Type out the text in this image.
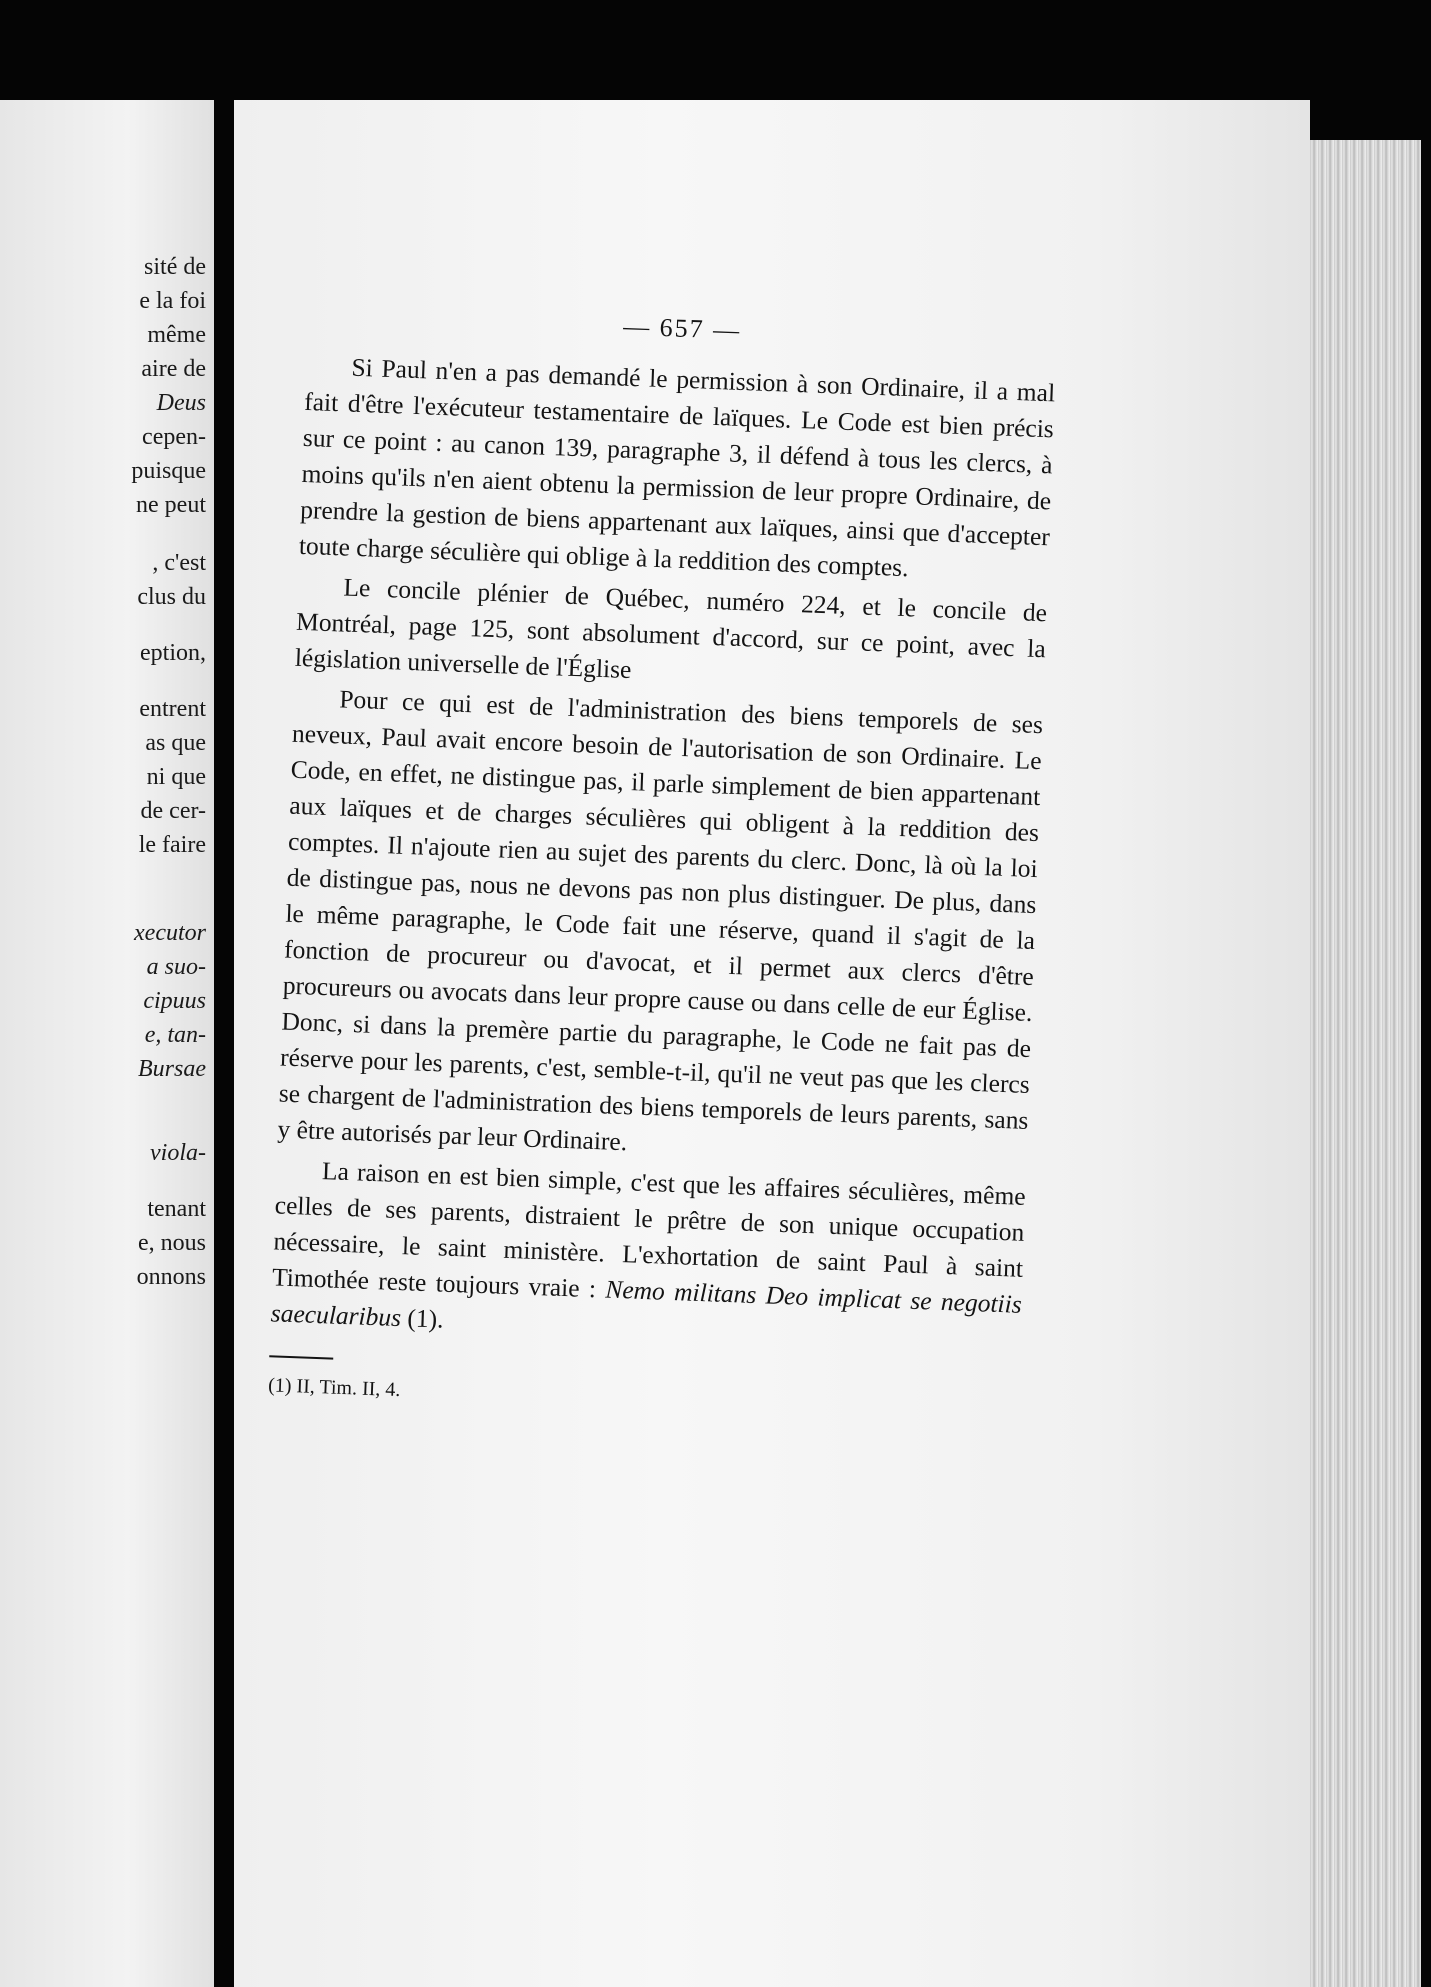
sité de
e la foi
même
aire de
Deus
cepen-
puisque
ne peut
, c'est
clus du
eption,
entrent
as que
ni que
de cer-
le faire
xecutor
a suo-
cipuus
e, tan-
Bursae
viola-
tenant
e, nous
onnons
— 657 —

Si Paul n'en a pas demandé le permission à son Ordinaire, il a mal fait d'être l'exécuteur testamentaire de laïques. Le Code est bien précis sur ce point : au canon 139, paragraphe 3, il défend à tous les clercs, à moins qu'ils n'en aient obtenu la permission de leur propre Ordinaire, de prendre la gestion de biens appartenant aux laïques, ainsi que d'accepter toute charge séculière qui oblige à la reddition des comptes.

Le concile plénier de Québec, numéro 224, et le concile de Montréal, page 125, sont absolument d'accord, sur ce point, avec la législation universelle de l'Église

Pour ce qui est de l'administration des biens temporels de ses neveux, Paul avait encore besoin de l'autorisation de son Ordinaire. Le Code, en effet, ne distingue pas, il parle simplement de bien appartenant aux laïques et de charges séculières qui obligent à la reddition des comptes. Il n'ajoute rien au sujet des parents du clerc. Donc, là où la loi de distingue pas, nous ne devons pas non plus distinguer. De plus, dans le même paragraphe, le Code fait une réserve, quand il s'agit de la fonction de procureur ou d'avocat, et il permet aux clercs d'être procureurs ou avocats dans leur propre cause ou dans celle de eur Église. Donc, si dans la premère partie du paragraphe, le Code ne fait pas de réserve pour les parents, c'est, semble-t-il, qu'il ne veut pas que les clercs se chargent de l'administration des biens temporels de leurs parents, sans y être autorisés par leur Ordinaire.

La raison en est bien simple, c'est que les affaires séculières, même celles de ses parents, distraient le prêtre de son unique occupation nécessaire, le saint ministère. L'exhortation de saint Paul à saint Timothée reste toujours vraie : Nemo militans Deo implicat se negotiis saecularibus (1).

(1) II, Tim. II, 4.
